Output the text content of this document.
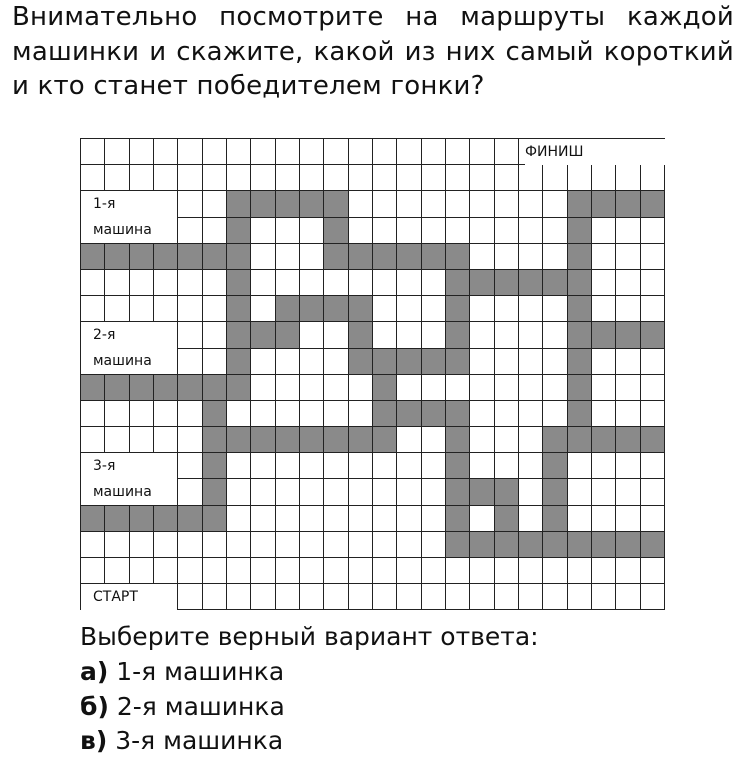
Внимательно посмотрите на маршруты каждой машинки и скажите, какой из них самый короткий и кто станет победителем гонки?
ФИНИШ
1-я
машина
2-я
машина
3-я
машина
СТАРТ
Выберите верный вариант ответа:
а) 1-я машинка
б) 2-я машинка
в) 3-я машинка
